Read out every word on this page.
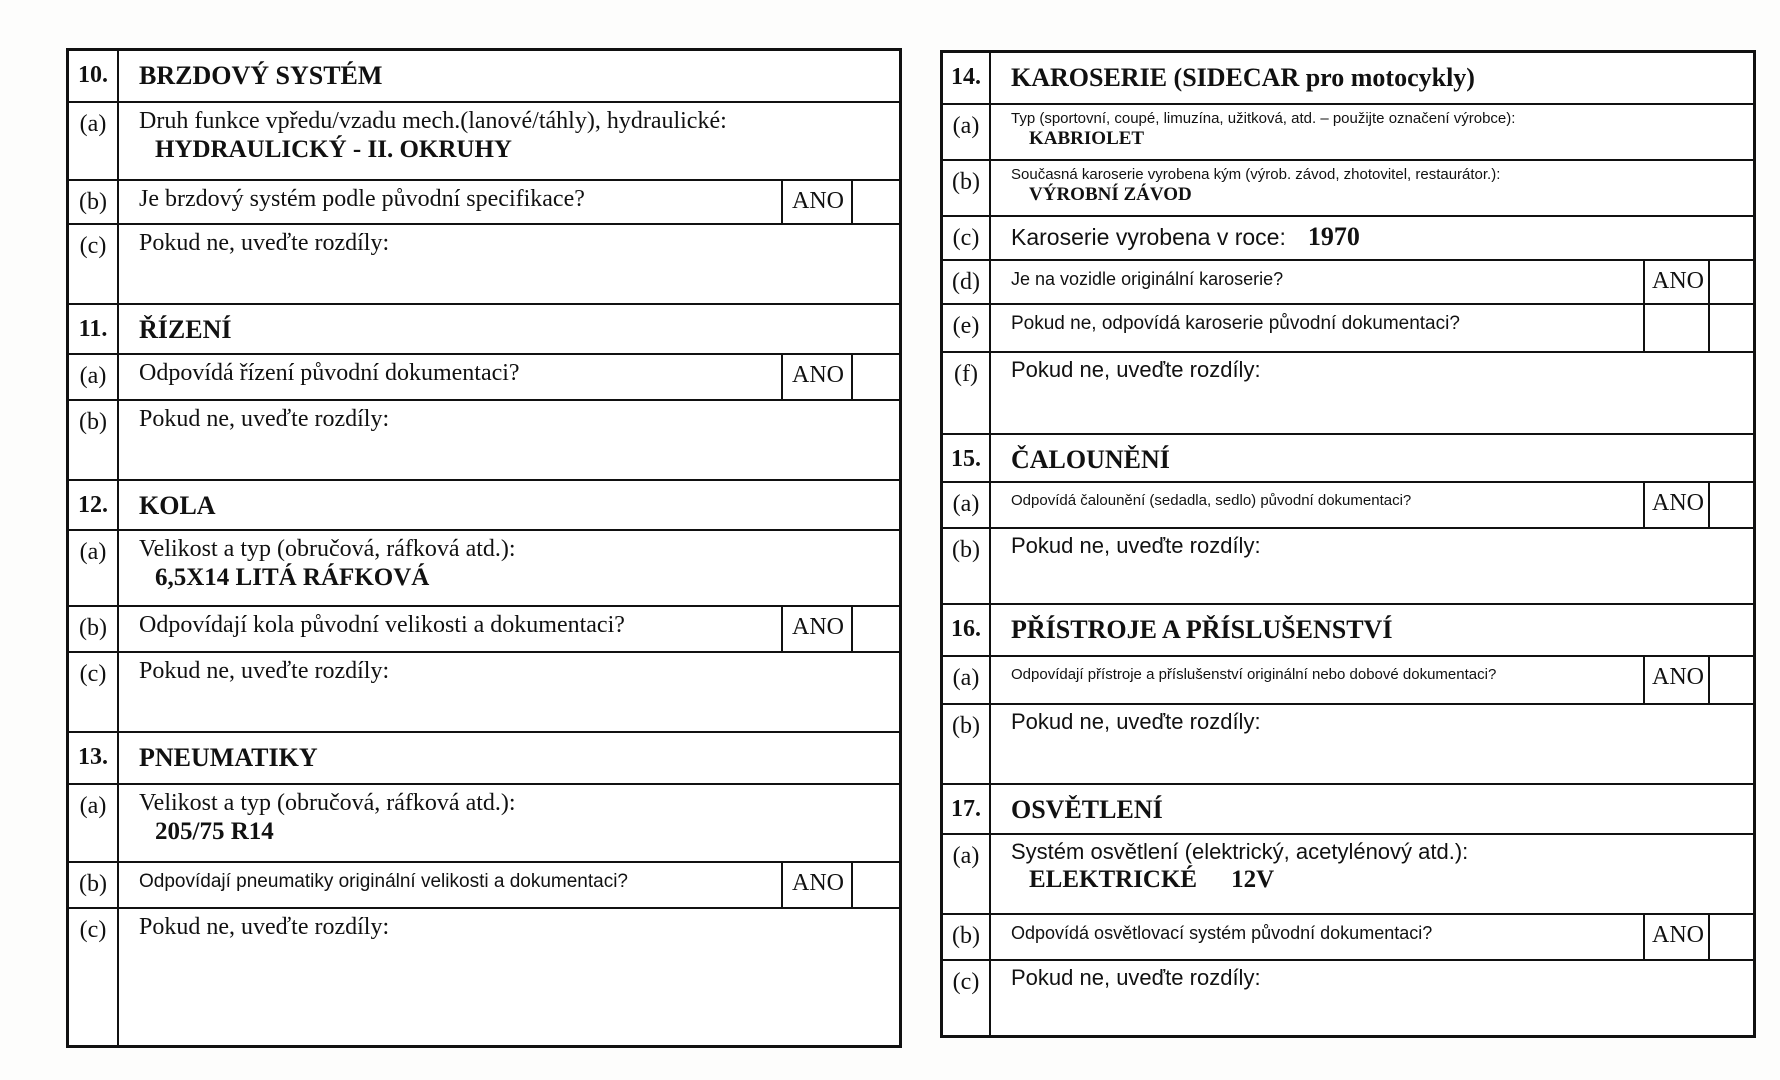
10.	BRZDOVÝ SYSTÉM
(a)	Druh funkce vpředu/vzadu mech.(lanové/táhly), hydraulické:
HYDRAULICKÝ - II. OKRUHY
(b)	Je brzdový systém podle původní specifikace?	ANO
(c)	Pokud ne, uveďte rozdíly:
11.	ŘÍZENÍ
(a)	Odpovídá řízení původní dokumentaci?	ANO
(b)	Pokud ne, uveďte rozdíly:
12.	KOLA
(a)	Velikost a typ (obručová, ráfková atd.):
6,5X14 LITÁ RÁFKOVÁ
(b)	Odpovídají kola původní velikosti a dokumentaci?	ANO
(c)	Pokud ne, uveďte rozdíly:
13.	PNEUMATIKY
(a)	Velikost a typ (obručová, ráfková atd.):
205/75 R14
(b)	Odpovídají pneumatiky originální velikosti a dokumentaci?	ANO
(c)	Pokud ne, uveďte rozdíly:
14.	KAROSERIE (SIDECAR pro motocykly)
(a)	Typ (sportovní, coupé, limuzína, užitková, atd. – použijte označení výrobce):
KABRIOLET
(b)	Současná karoserie vyrobena kým (výrob. závod, zhotovitel, restaurátor.):
VÝROBNÍ ZÁVOD
(c)	Karoserie vyrobena v roce: 1970
(d)	Je na vozidle originální karoserie?	ANO
(e)	Pokud ne, odpovídá karoserie původní dokumentaci?
(f)	Pokud ne, uveďte rozdíly:
15.	ČALOUNĚNÍ
(a)	Odpovídá čalounění (sedadla, sedlo) původní dokumentaci?	ANO
(b)	Pokud ne, uveďte rozdíly:
16.	PŘÍSTROJE A PŘÍSLUŠENSTVÍ
(a)	Odpovídají přístroje a příslušenství originální nebo dobové dokumentaci?	ANO
(b)	Pokud ne, uveďte rozdíly:
17.	OSVĚTLENÍ
(a)	Systém osvětlení (elektrický, acetylénový atd.):
ELEKTRICKÉ 12V
(b)	Odpovídá osvětlovací systém původní dokumentaci?	ANO
(c)	Pokud ne, uveďte rozdíly:
